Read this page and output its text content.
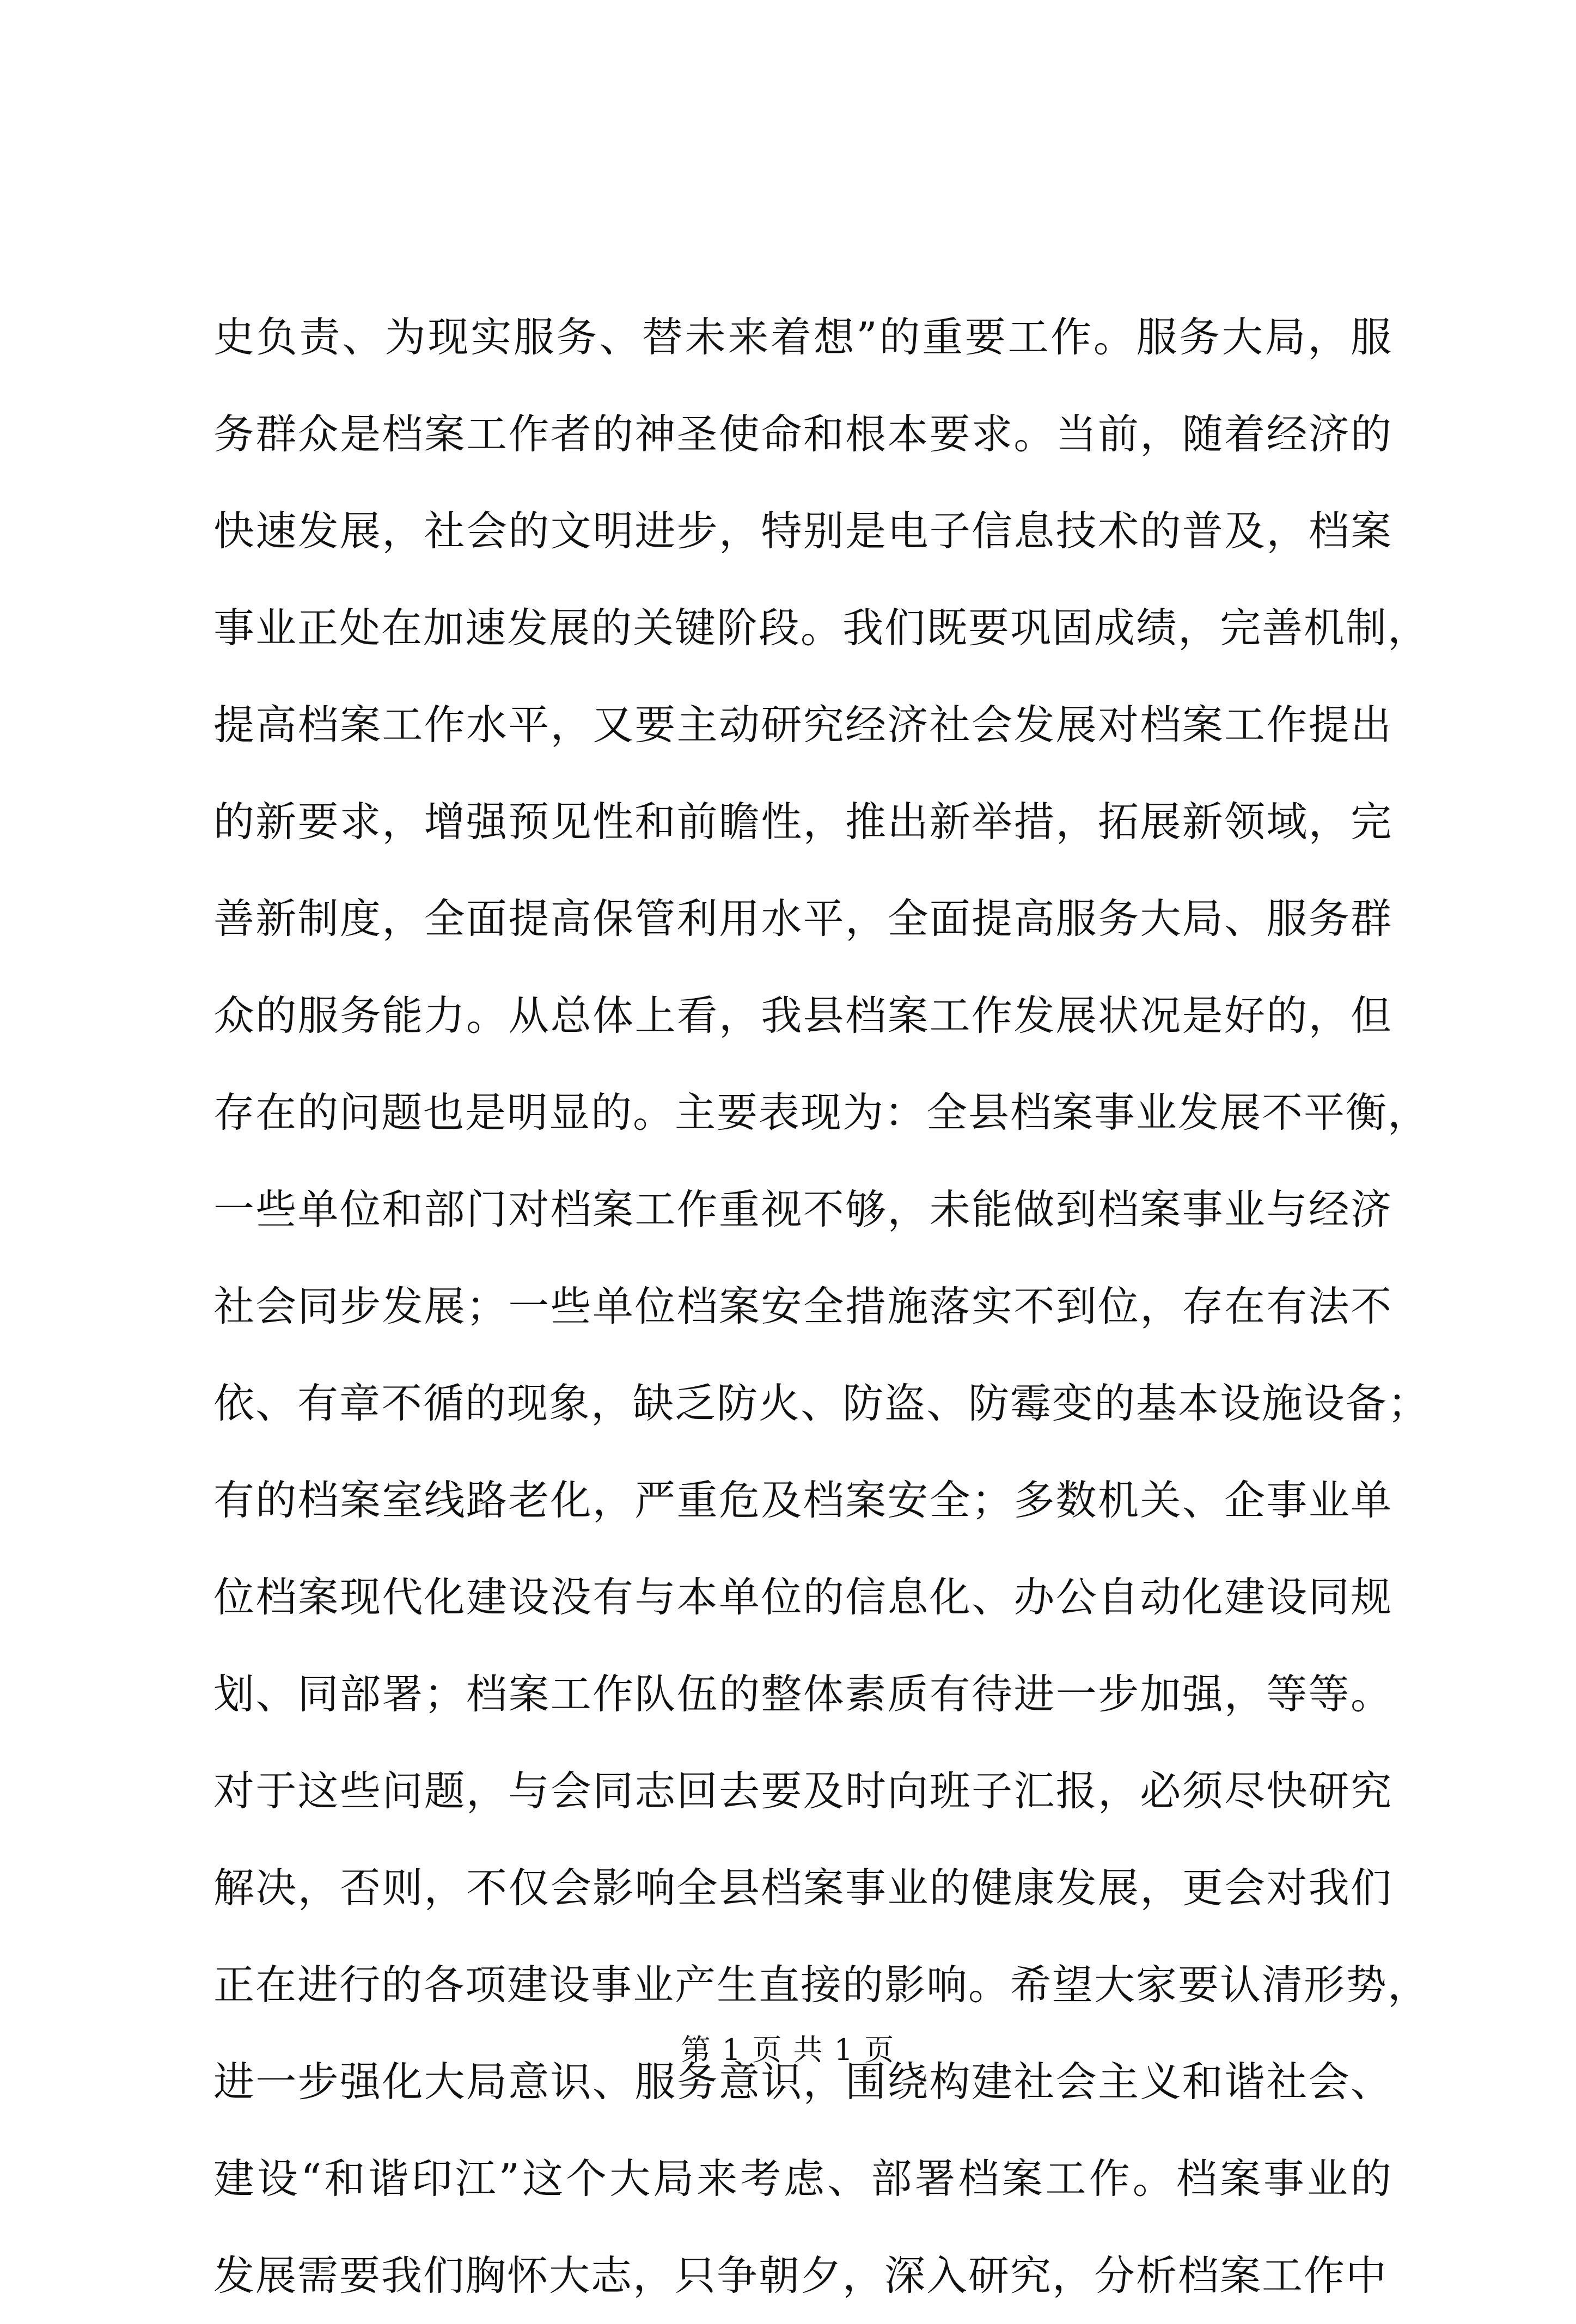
史负责、为现实服务、替未来着想”的重要工作。服务大局，服
务群众是档案工作者的神圣使命和根本要求。当前，随着经济的
快速发展，社会的文明进步，特别是电子信息技术的普及，档案
事业正处在加速发展的关键阶段。我们既要巩固成绩，完善机制，
提高档案工作水平，又要主动研究经济社会发展对档案工作提出
的新要求，增强预见性和前瞻性，推出新举措，拓展新领域，完
善新制度，全面提高保管利用水平，全面提高服务大局、服务群
众的服务能力。从总体上看，我县档案工作发展状况是好的，但
存在的问题也是明显的。主要表现为：全县档案事业发展不平衡，
一些单位和部门对档案工作重视不够，未能做到档案事业与经济
社会同步发展；一些单位档案安全措施落实不到位，存在有法不
依、有章不循的现象，缺乏防火、防盗、防霉变的基本设施设备；
有的档案室线路老化，严重危及档案安全；多数机关、企事业单
位档案现代化建设没有与本单位的信息化、办公自动化建设同规
划、同部署；档案工作队伍的整体素质有待进一步加强，等等。
对于这些问题，与会同志回去要及时向班子汇报，必须尽快研究
解决，否则，不仅会影响全县档案事业的健康发展，更会对我们
正在进行的各项建设事业产生直接的影响。希望大家要认清形势，
进一步强化大局意识、服务意识，围绕构建社会主义和谐社会、
建设“和谐印江”这个大局来考虑、部署档案工作。档案事业的
发展需要我们胸怀大志，只争朝夕，深入研究，分析档案工作中
第 1 页 共 1 页
